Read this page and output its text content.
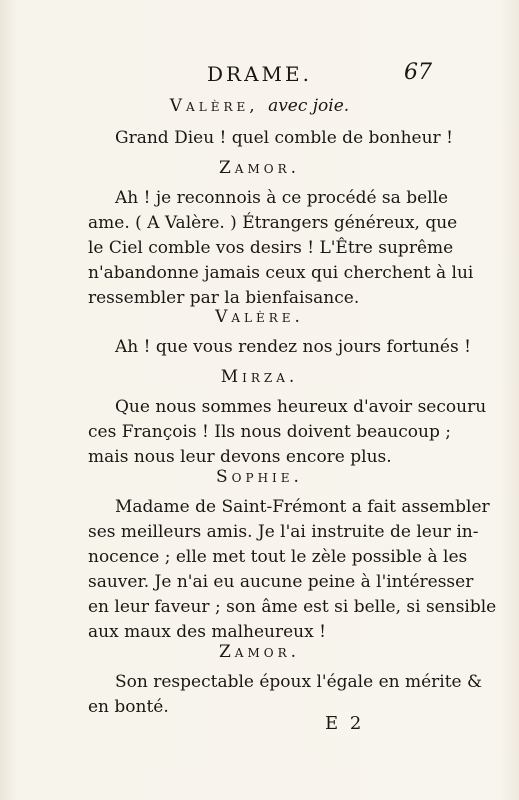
DRAME.	67
Valère, avec joie.
Grand Dieu ! quel comble de bonheur !
Zamor.
Ah ! je reconnois à ce procédé sa belle
ame. ( A Valère. ) Étrangers généreux, que
le Ciel comble vos desirs ! L'Être suprême
n'abandonne jamais ceux qui cherchent à lui
ressembler par la bienfaisance.
Valère.
Ah ! que vous rendez nos jours fortunés !
Mirza.
Que nous sommes heureux d'avoir secouru
ces François ! Ils nous doivent beaucoup ;
mais nous leur devons encore plus.
Sophie.
Madame de Saint-Frémont a fait assembler
ses meilleurs amis. Je l'ai instruite de leur in-
nocence ; elle met tout le zèle possible à les
sauver. Je n'ai eu aucune peine à l'intéresser
en leur faveur ; son âme est si belle, si sensible
aux maux des malheureux !
Zamor.
Son respectable époux l'égale en mérite &
en bonté.
E 2
